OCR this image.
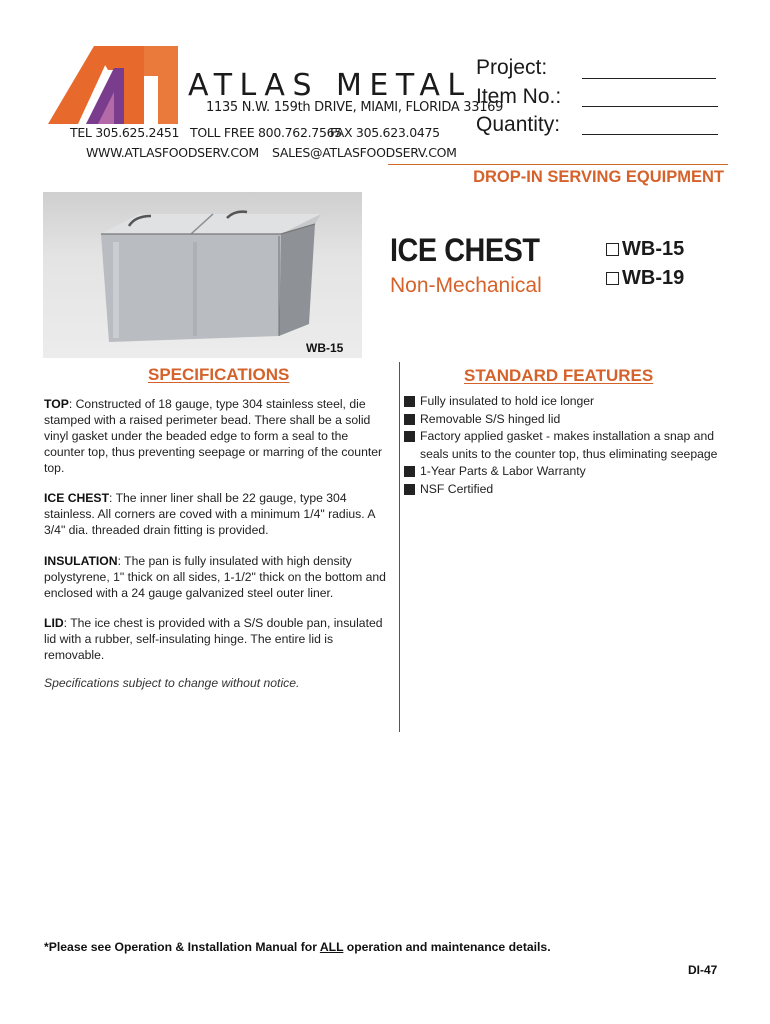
ATLAS METAL
1135 N.W. 159th DRIVE, MIAMI, FLORIDA 33169
TEL 305.625.2451 TOLL FREE 800.762.7565
FAX 305.623.0475
WWW.ATLASFOODSERV.COM SALES@ATLASFOODSERV.COM
Project:
Item No.:
Quantity:
DROP-IN SERVING EQUIPMENT
WB-15
ICE CHEST
Non-Mechanical
WB-15
WB-19
SPECIFICATIONS
TOP: Constructed of 18 gauge, type 304 stainless steel, die stamped with a raised perimeter bead. There shall be a solid vinyl gasket under the beaded edge to form a seal to the counter top, thus preventing seepage or marring of the counter top.
ICE CHEST: The inner liner shall be 22 gauge, type 304 stainless. All corners are coved with a minimum 1/4" radius. A 3/4" dia. threaded drain fitting is provided.
INSULATION: The pan is fully insulated with high density polystyrene, 1" thick on all sides, 1-1/2" thick on the bottom and enclosed with a 24 gauge galvanized steel outer liner.
LID: The ice chest is provided with a S/S double pan, insulated lid with a rubber, self-insulating hinge. The entire lid is removable.
Specifications subject to change without notice.
STANDARD FEATURES
Fully insulated to hold ice longer
Removable S/S hinged lid
Factory applied gasket - makes installation a snap and seals units to the counter top, thus eliminating seepage
1-Year Parts & Labor Warranty
NSF Certified
*Please see Operation & Installation Manual for ALL operation and maintenance details.
DI-47
